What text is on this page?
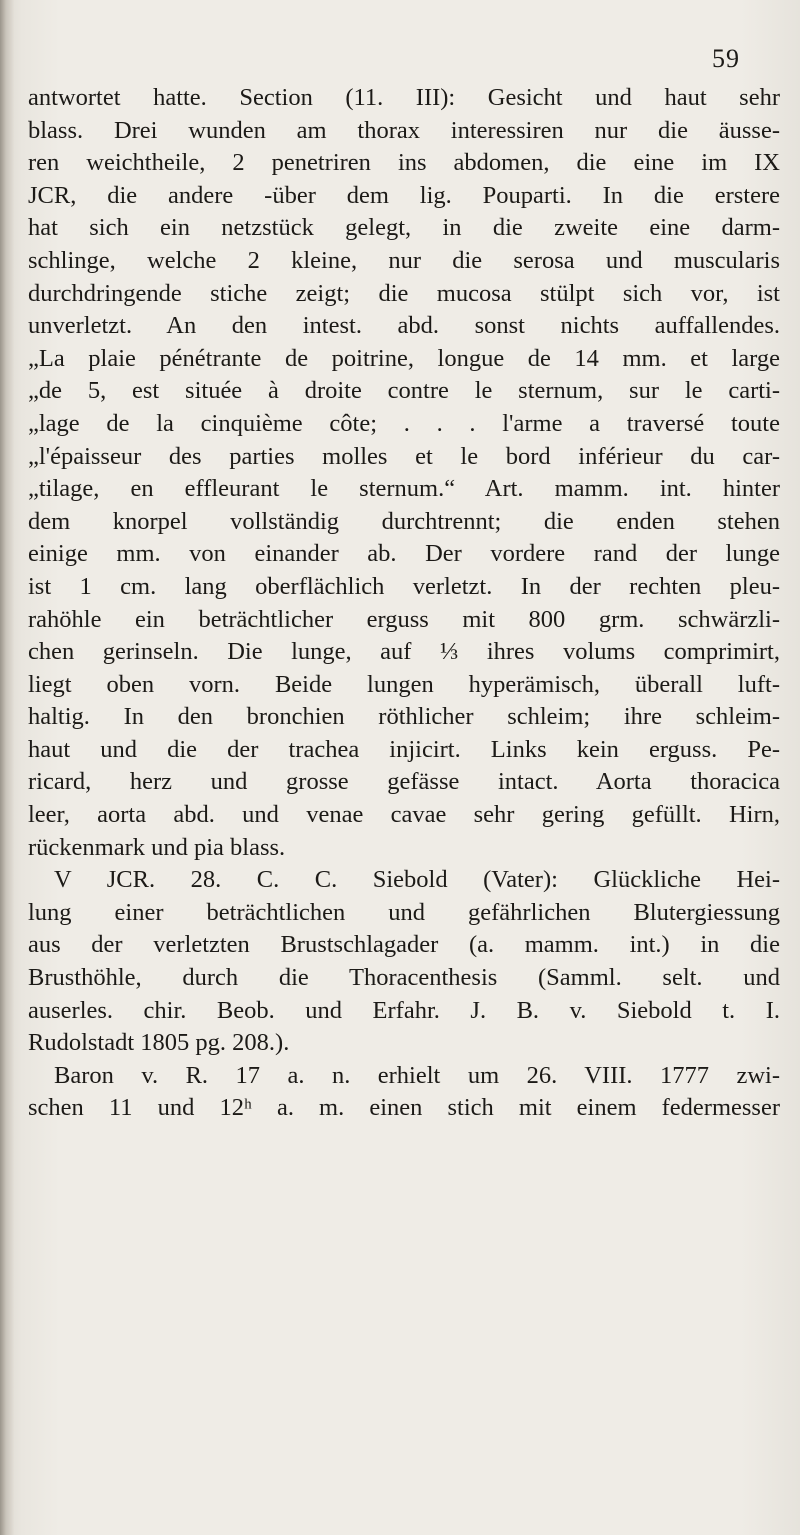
59
antwortet hatte. Section (11. III): Gesicht und haut sehr
blass. Drei wunden am thorax interessiren nur die äusse-
ren weichtheile, 2 penetriren ins abdomen, die eine im IX
JCR, die andere -über dem lig. Pouparti. In die erstere
hat sich ein netzstück gelegt, in die zweite eine darm-
schlinge, welche 2 kleine, nur die serosa und muscularis
durchdringende stiche zeigt; die mucosa stülpt sich vor, ist
unverletzt. An den intest. abd. sonst nichts auffallendes.
„La plaie pénétrante de poitrine, longue de 14 mm. et large
„de 5, est située à droite contre le sternum, sur le carti-
„lage de la cinquième côte; . . . l'arme a traversé toute
„l'épaisseur des parties molles et le bord inférieur du car-
„tilage, en effleurant le sternum.“ Art. mamm. int. hinter
dem knorpel vollständig durchtrennt; die enden stehen
einige mm. von einander ab. Der vordere rand der lunge
ist 1 cm. lang oberflächlich verletzt. In der rechten pleu-
rahöhle ein beträchtlicher erguss mit 800 grm. schwärzli-
chen gerinseln. Die lunge, auf ⅓ ihres volums comprimirt,
liegt oben vorn. Beide lungen hyperämisch, überall luft-
haltig. In den bronchien röthlicher schleim; ihre schleim-
haut und die der trachea injicirt. Links kein erguss. Pe-
ricard, herz und grosse gefässe intact. Aorta thoracica
leer, aorta abd. und venae cavae sehr gering gefüllt. Hirn,
rückenmark und pia blass.
V JCR. 28. C. C. Siebold (Vater): Glückliche Hei-
lung einer beträchtlichen und gefährlichen Blutergiessung
aus der verletzten Brustschlagader (a. mamm. int.) in die
Brusthöhle, durch die Thoracenthesis (Samml. selt. und
auserles. chir. Beob. und Erfahr. J. B. v. Siebold t. I.
Rudolstadt 1805 pg. 208.).
Baron v. R. 17 a. n. erhielt um 26. VIII. 1777 zwi-
schen 11 und 12ʰ a. m. einen stich mit einem federmesser
